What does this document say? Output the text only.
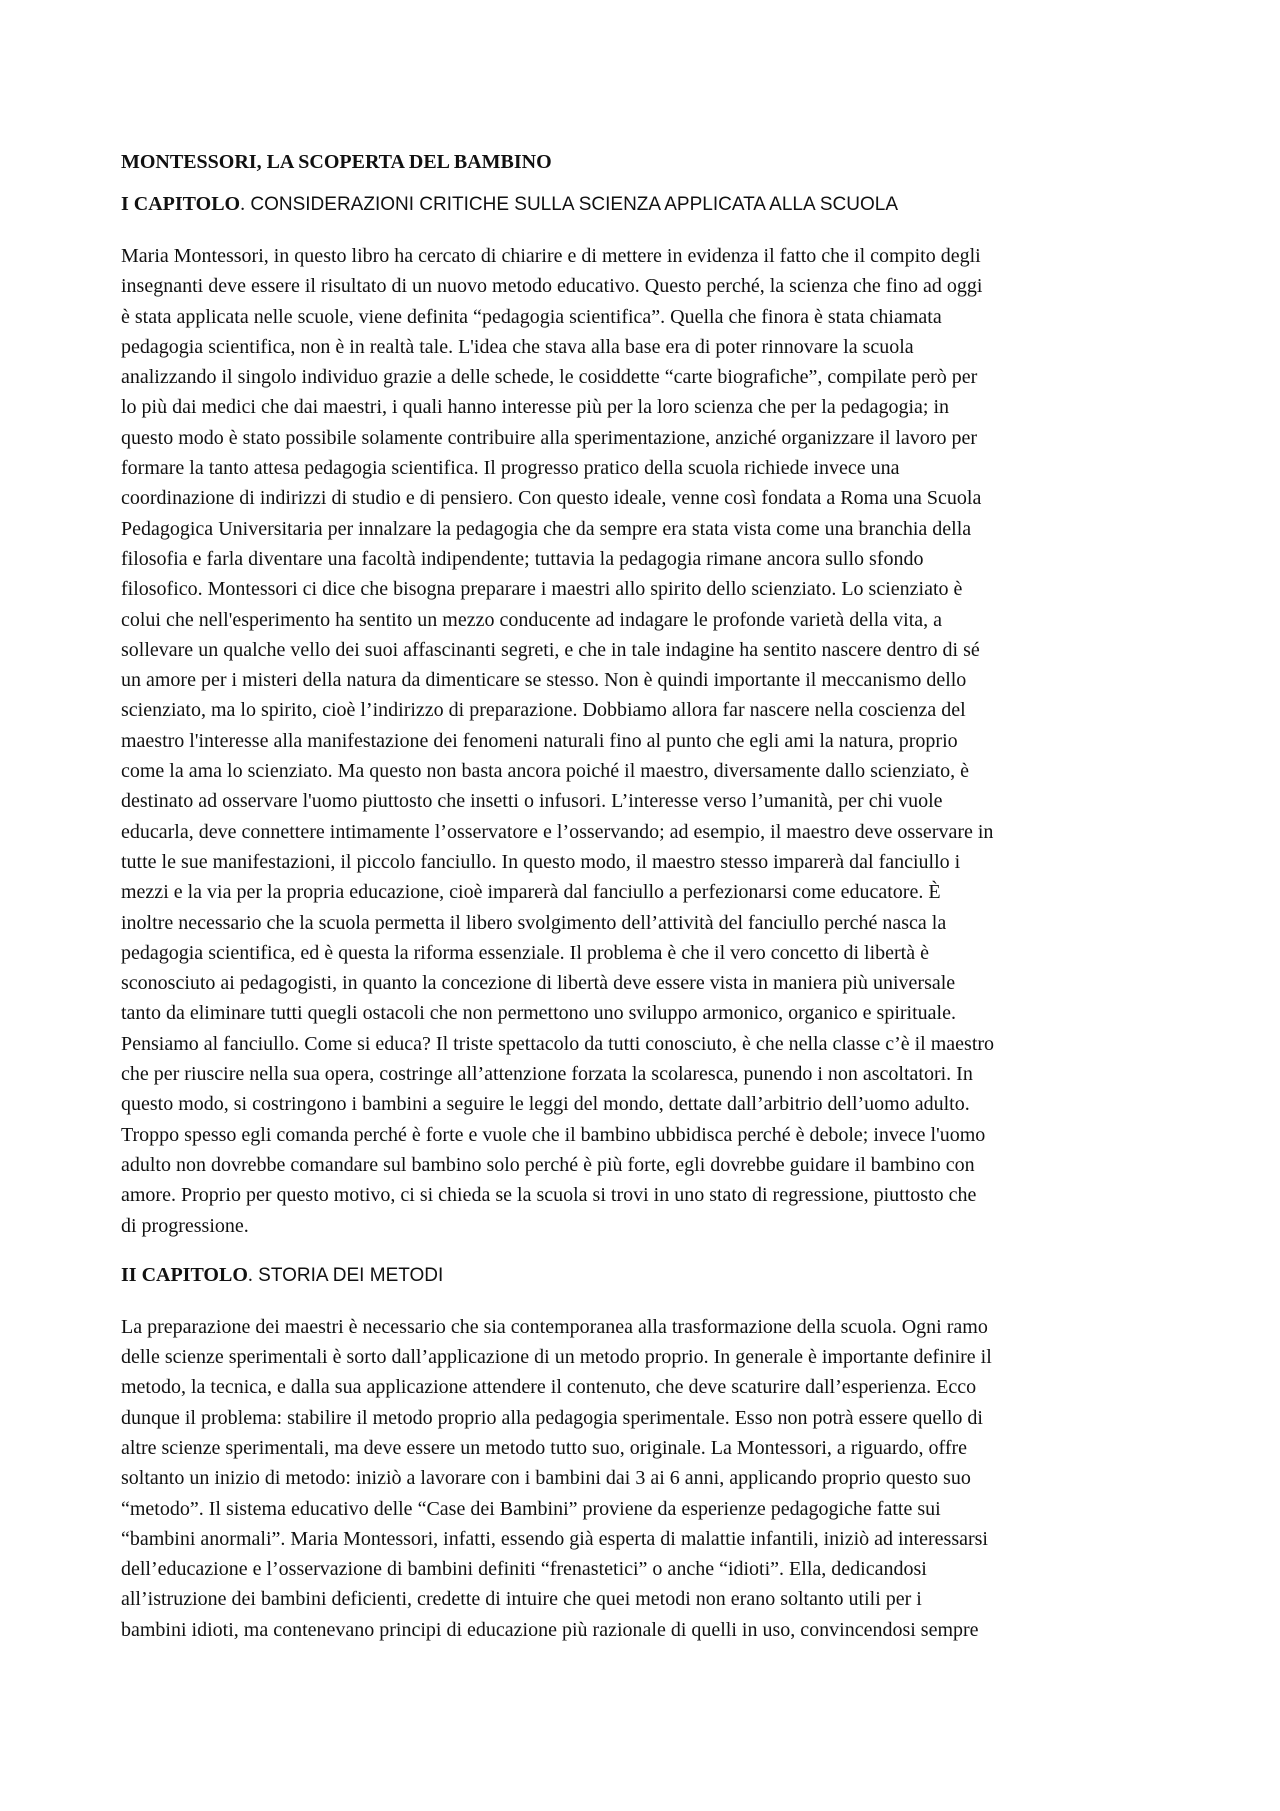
MONTESSORI, LA SCOPERTA DEL BAMBINO
I CAPITOLO. CONSIDERAZIONI CRITICHE SULLA SCIENZA APPLICATA ALLA SCUOLA
Maria Montessori, in questo libro ha cercato di chiarire e di mettere in evidenza il fatto che il compito degli
insegnanti deve essere il risultato di un nuovo metodo educativo. Questo perché, la scienza che fino ad oggi
è stata applicata nelle scuole, viene definita “pedagogia scientifica”. Quella che finora è stata chiamata
pedagogia scientifica, non è in realtà tale. L'idea che stava alla base era di poter rinnovare la scuola
analizzando il singolo individuo grazie a delle schede, le cosiddette “carte biografiche”, compilate però per
lo più dai medici che dai maestri, i quali hanno interesse più per la loro scienza che per la pedagogia; in
questo modo è stato possibile solamente contribuire alla sperimentazione, anziché organizzare il lavoro per
formare la tanto attesa pedagogia scientifica. Il progresso pratico della scuola richiede invece una
coordinazione di indirizzi di studio e di pensiero. Con questo ideale, venne così fondata a Roma una Scuola
Pedagogica Universitaria per innalzare la pedagogia che da sempre era stata vista come una branchia della
filosofia e farla diventare una facoltà indipendente; tuttavia la pedagogia rimane ancora sullo sfondo
filosofico. Montessori ci dice che bisogna preparare i maestri allo spirito dello scienziato. Lo scienziato è
colui che nell'esperimento ha sentito un mezzo conducente ad indagare le profonde varietà della vita, a
sollevare un qualche vello dei suoi affascinanti segreti, e che in tale indagine ha sentito nascere dentro di sé
un amore per i misteri della natura da dimenticare se stesso. Non è quindi importante il meccanismo dello
scienziato, ma lo spirito, cioè l’indirizzo di preparazione. Dobbiamo allora far nascere nella coscienza del
maestro l'interesse alla manifestazione dei fenomeni naturali fino al punto che egli ami la natura, proprio
come la ama lo scienziato. Ma questo non basta ancora poiché il maestro, diversamente dallo scienziato, è
destinato ad osservare l'uomo piuttosto che insetti o infusori. L’interesse verso l’umanità, per chi vuole
educarla, deve connettere intimamente l’osservatore e l’osservando; ad esempio, il maestro deve osservare in
tutte le sue manifestazioni, il piccolo fanciullo. In questo modo, il maestro stesso imparerà dal fanciullo i
mezzi e la via per la propria educazione, cioè imparerà dal fanciullo a perfezionarsi come educatore. È
inoltre necessario che la scuola permetta il libero svolgimento dell’attività del fanciullo perché nasca la
pedagogia scientifica, ed è questa la riforma essenziale. Il problema è che il vero concetto di libertà è
sconosciuto ai pedagogisti, in quanto la concezione di libertà deve essere vista in maniera più universale
tanto da eliminare tutti quegli ostacoli che non permettono uno sviluppo armonico, organico e spirituale.
Pensiamo al fanciullo. Come si educa? Il triste spettacolo da tutti conosciuto, è che nella classe c’è il maestro
che per riuscire nella sua opera, costringe all’attenzione forzata la scolaresca, punendo i non ascoltatori. In
questo modo, si costringono i bambini a seguire le leggi del mondo, dettate dall’arbitrio dell’uomo adulto.
Troppo spesso egli comanda perché è forte e vuole che il bambino ubbidisca perché è debole; invece l'uomo
adulto non dovrebbe comandare sul bambino solo perché è più forte, egli dovrebbe guidare il bambino con
amore. Proprio per questo motivo, ci si chieda se la scuola si trovi in uno stato di regressione, piuttosto che
di progressione.
II CAPITOLO. STORIA DEI METODI
La preparazione dei maestri è necessario che sia contemporanea alla trasformazione della scuola. Ogni ramo
delle scienze sperimentali è sorto dall’applicazione di un metodo proprio. In generale è importante definire il
metodo, la tecnica, e dalla sua applicazione attendere il contenuto, che deve scaturire dall’esperienza. Ecco
dunque il problema: stabilire il metodo proprio alla pedagogia sperimentale. Esso non potrà essere quello di
altre scienze sperimentali, ma deve essere un metodo tutto suo, originale. La Montessori, a riguardo, offre
soltanto un inizio di metodo: iniziò a lavorare con i bambini dai 3 ai 6 anni, applicando proprio questo suo
“metodo”. Il sistema educativo delle “Case dei Bambini” proviene da esperienze pedagogiche fatte sui
“bambini anormali”. Maria Montessori, infatti, essendo già esperta di malattie infantili, iniziò ad interessarsi
dell’educazione e l’osservazione di bambini definiti “frenastetici” o anche “idioti”. Ella, dedicandosi
all’istruzione dei bambini deficienti, credette di intuire che quei metodi non erano soltanto utili per i
bambini idioti, ma contenevano principi di educazione più razionale di quelli in uso, convincendosi sempre
